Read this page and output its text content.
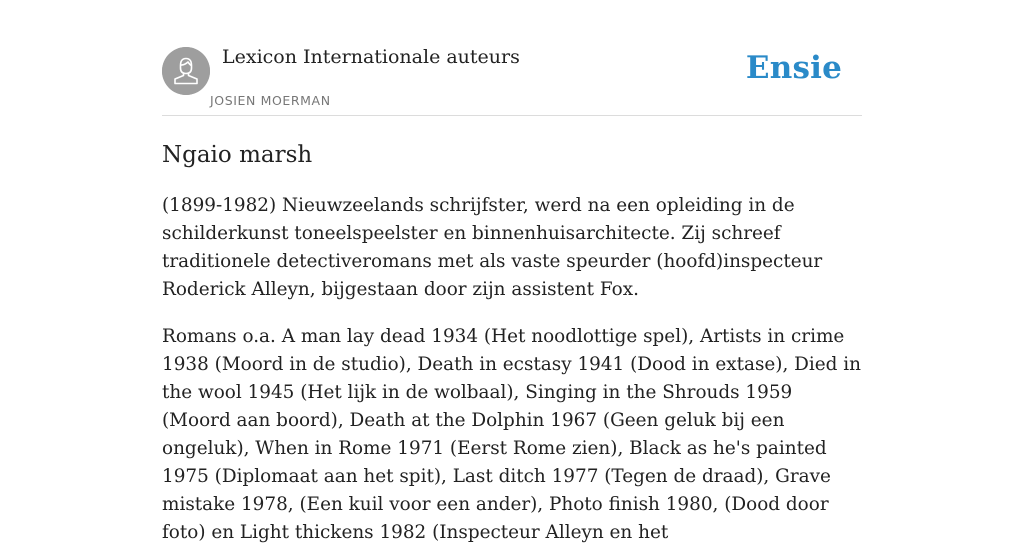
Lexicon Internationale auteurs
JOSIEN MOERMAN
Ensie
Ngaio marsh

(1899-1982) Nieuwzeelands schrijfster, werd na een opleiding in de schilderkunst toneelspeelster en binnenhuisarchitecte. Zij schreef traditionele detectiveromans met als vaste speurder (hoofd)inspecteur Roderick Alleyn, bijgestaan door zijn assistent Fox.

Romans o.a. A man lay dead 1934 (Het noodlottige spel), Artists in crime 1938 (Moord in de studio), Death in ecstasy 1941 (Dood in extase), Died in the wool 1945 (Het lijk in de wolbaal), Singing in the Shrouds 1959 (Moord aan boord), Death at the Dolphin 1967 (Geen geluk bij een ongeluk), When in Rome 1971 (Eerst Rome zien), Black as he's painted 1975 (Diplomaat aan het spit), Last ditch 1977 (Tegen de draad), Grave mistake 1978, (Een kuil voor een ander), Photo finish 1980, (Dood door foto) en Light thickens 1982 (Inspecteur Alleyn en het
